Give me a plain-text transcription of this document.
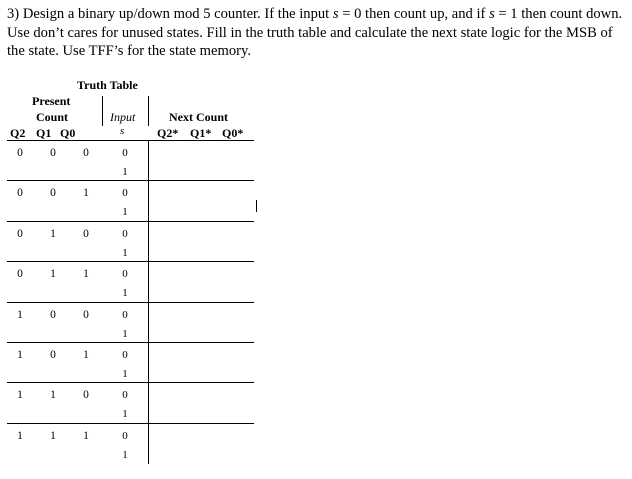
3) Design a binary up/down mod 5 counter. If the input s = 0 then count up, and if s = 1 then count down. Use don’t cares for unused states. Fill in the truth table and calculate the next state logic for the MSB of the state. Use TFF’s for the state memory.
Truth Table
Present
Count	Input
s
Next Count
Q2 Q1 Q0	Q2* Q1* Q0*
0	0	0	0
1
0	0	1	0
1
0	1	0	0
1
0	1	1	0
1
1	0	0	0
1
1	0	1	0
1
1	1	0	0
1
1	1	1	0
1
